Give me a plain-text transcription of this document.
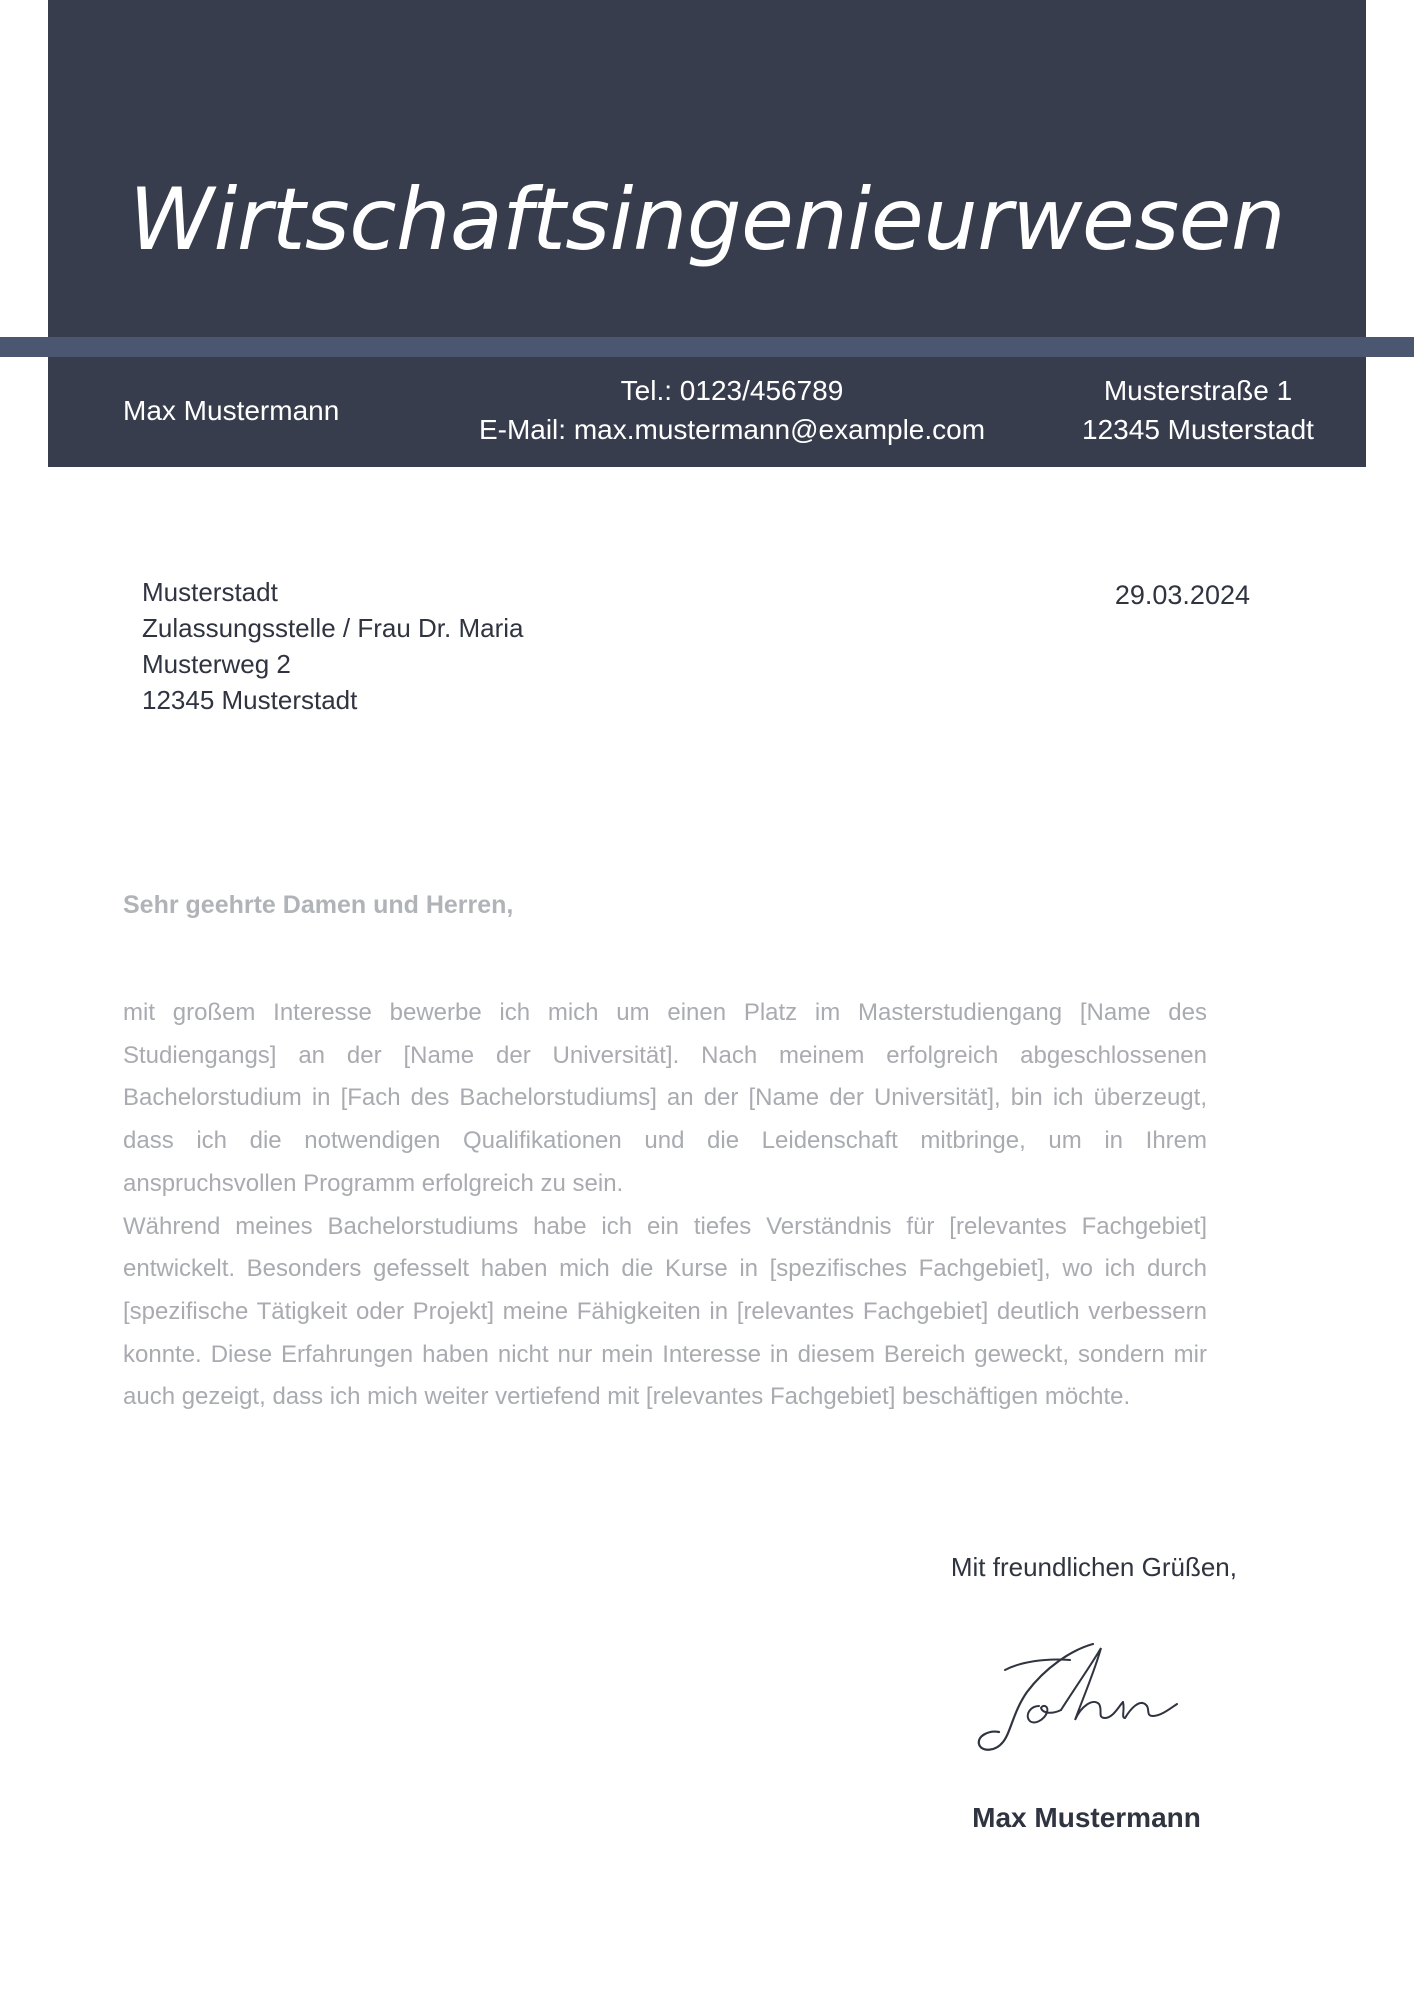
Wirtschaftsingenieurwesen
Max Mustermann
Tel.: 0123/456789
E-Mail: max.mustermann@example.com
Musterstraße 1
12345 Musterstadt
Musterstadt
Zulassungsstelle / Frau Dr. Maria
Musterweg 2
12345 Musterstadt
29.03.2024
Sehr geehrte Damen und Herren,

mit großem Interesse bewerbe ich mich um einen Platz im Masterstudiengang [Name des Studiengangs] an der [Name der Universität]. Nach meinem erfolgreich abgeschlossenen Bachelorstudium in [Fach des Bachelorstudiums] an der [Name der Universität], bin ich überzeugt, dass ich die notwendigen Qualifikationen und die Leidenschaft mitbringe, um in Ihrem anspruchsvollen Programm erfolgreich zu sein.

Während meines Bachelorstudiums habe ich ein tiefes Verständnis für [relevantes Fachgebiet] entwickelt. Besonders gefesselt haben mich die Kurse in [spezifisches Fachgebiet], wo ich durch [spezifische Tätigkeit oder Projekt] meine Fähigkeiten in [relevantes Fachgebiet] deutlich verbessern konnte. Diese Erfahrungen haben nicht nur mein Interesse in diesem Bereich geweckt, sondern mir auch gezeigt, dass ich mich weiter vertiefend mit [relevantes Fachgebiet] beschäftigen möchte.

Mit freundlichen Grüßen,
Max Mustermann
